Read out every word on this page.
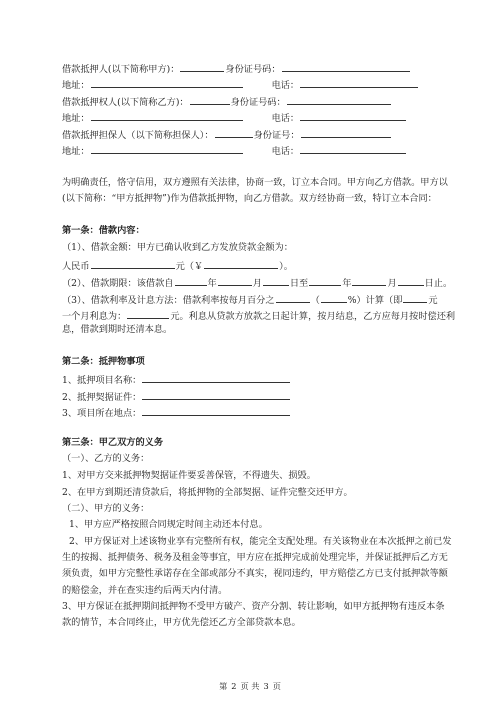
借款抵押人(以下简称甲方)：	身份证号码：
地址：	电话：
借款抵押权人(以下简称乙方)：	身份证号码：
地址：	电话：
借款抵押担保人（以下简称担保人）：	身份证号：
地址：	电话：
为明确责任，恪守信用，双方遵照有关法律，协商一致，订立本合同。甲方向乙方借款。甲方以
(以下简称：“甲方抵押物”)作为借款抵押物，向乙方借款。双方经协商一致，特订立本合同：
第一条：借款内容：
（1）、借款金额：甲方已确认收到乙方发放贷款金额为：
人民币	元（￥	）。
（2）、借款期限：该借款自	年	月	日至	年	月	日止。
（3）、借款利率及计息方法：借款利率按每月百分之	（	%）计算（即	元
一个月利息为：	元。利息从贷款方放款之日起计算，按月结息，乙方应每月按时偿还利
息，借款到期时还清本息。
第二条：抵押物事项
1、抵押项目名称：
2、抵押契据证件：
3、项目所在地点：
第三条：甲乙双方的义务
（一）、乙方的义务：
1、对甲方交来抵押物契据证件要妥善保管，不得遗失、损毁。
2、在甲方到期还清贷款后，将抵押物的全部契据、证件完整交还甲方。
（二）、甲方的义务：
1、甲方应严格按照合同规定时间主动还本付息。
2、甲方保证对上述该物业享有完整所有权，能完全支配处理。有关该物业在本次抵押之前已发
生的按揭、抵押债务、税务及租金等事宜，甲方应在抵押完成前处理完毕，并保证抵押后乙方无
须负责，如甲方完整性承诺存在全部或部分不真实，视同违约，甲方赔偿乙方已支付抵押款等额
的赔偿金，并在查实违约后两天内付清。
3、甲方保证在抵押期间抵押物不受甲方破产、资产分割、转让影响，如甲方抵押物有违反本条
款的情节，本合同终止，甲方优先偿还乙方全部贷款本息。
第 2 页 共 3 页
